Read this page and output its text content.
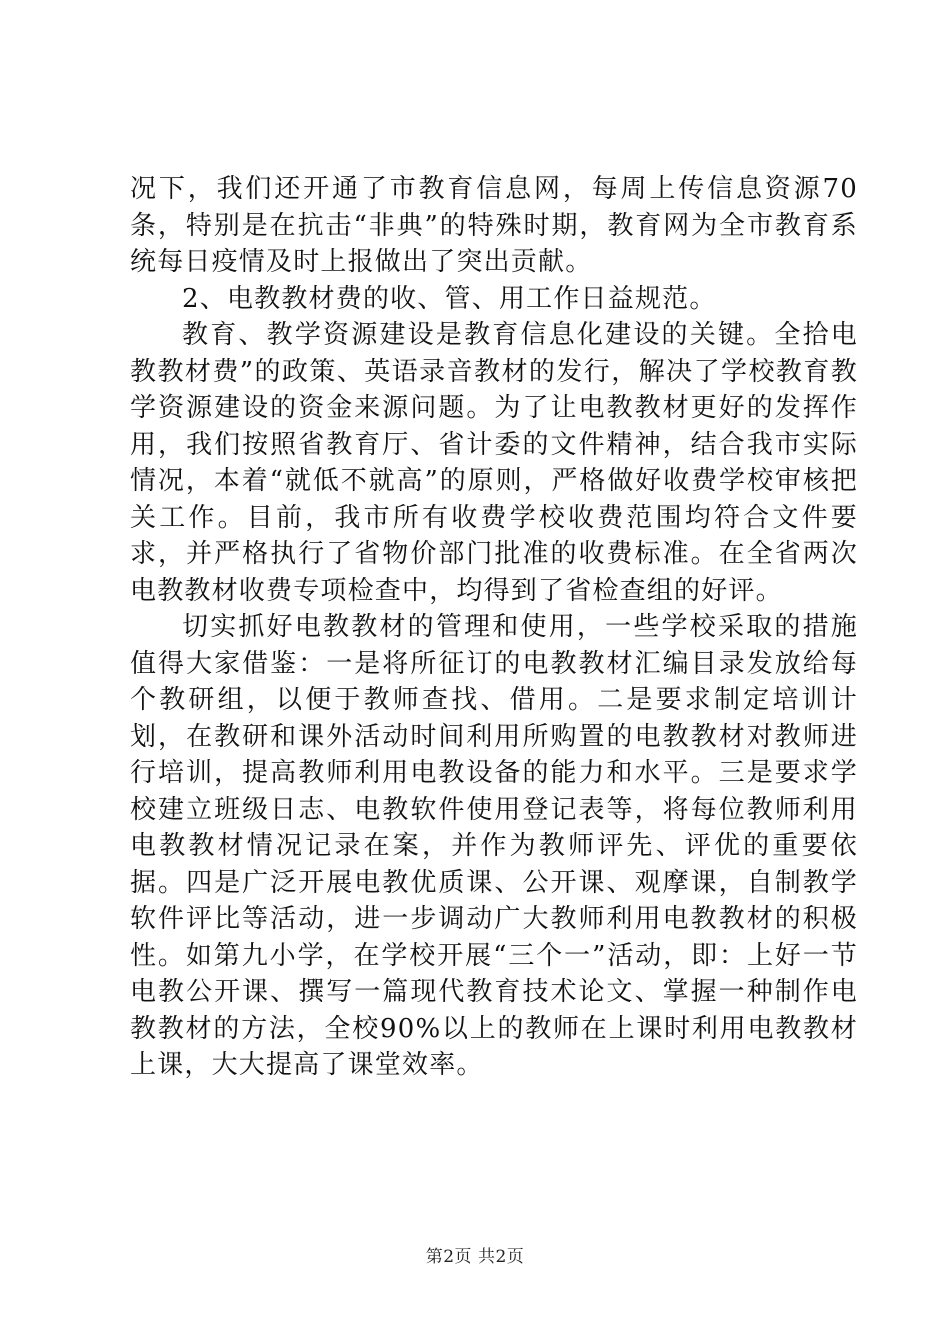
况下，我们还开通了市教育信息网，每周上传信息资源70条，特别是在抗击“非典”的特殊时期，教育网为全市教育系统每日疫情及时上报做出了突出贡献。

2、电教教材费的收、管、用工作日益规范。

教育、教学资源建设是教育信息化建设的关键。全拾电教教材费”的政策、英语录音教材的发行，解决了学校教育教学资源建设的资金来源问题。为了让电教教材更好的发挥作用，我们按照省教育厅、省计委的文件精神，结合我市实际情况，本着“就低不就高”的原则，严格做好收费学校审核把关工作。目前，我市所有收费学校收费范围均符合文件要求，并严格执行了省物价部门批准的收费标准。在全省两次电教教材收费专项检查中，均得到了省检查组的好评。

切实抓好电教教材的管理和使用，一些学校采取的措施值得大家借鉴：一是将所征订的电教教材汇编目录发放给每个教研组，以便于教师查找、借用。二是要求制定培训计划，在教研和课外活动时间利用所购置的电教教材对教师进行培训，提高教师利用电教设备的能力和水平。三是要求学校建立班级日志、电教软件使用登记表等，将每位教师利用电教教材情况记录在案，并作为教师评先、评优的重要依据。四是广泛开展电教优质课、公开课、观摩课，自制教学软件评比等活动，进一步调动广大教师利用电教教材的积极性。如第九小学，在学校开展“三个一”活动，即：上好一节电教公开课、撰写一篇现代教育技术论文、掌握一种制作电教教材的方法，全校90%以上的教师在上课时利用电教教材上课，大大提高了课堂效率。

第2页 共2页
